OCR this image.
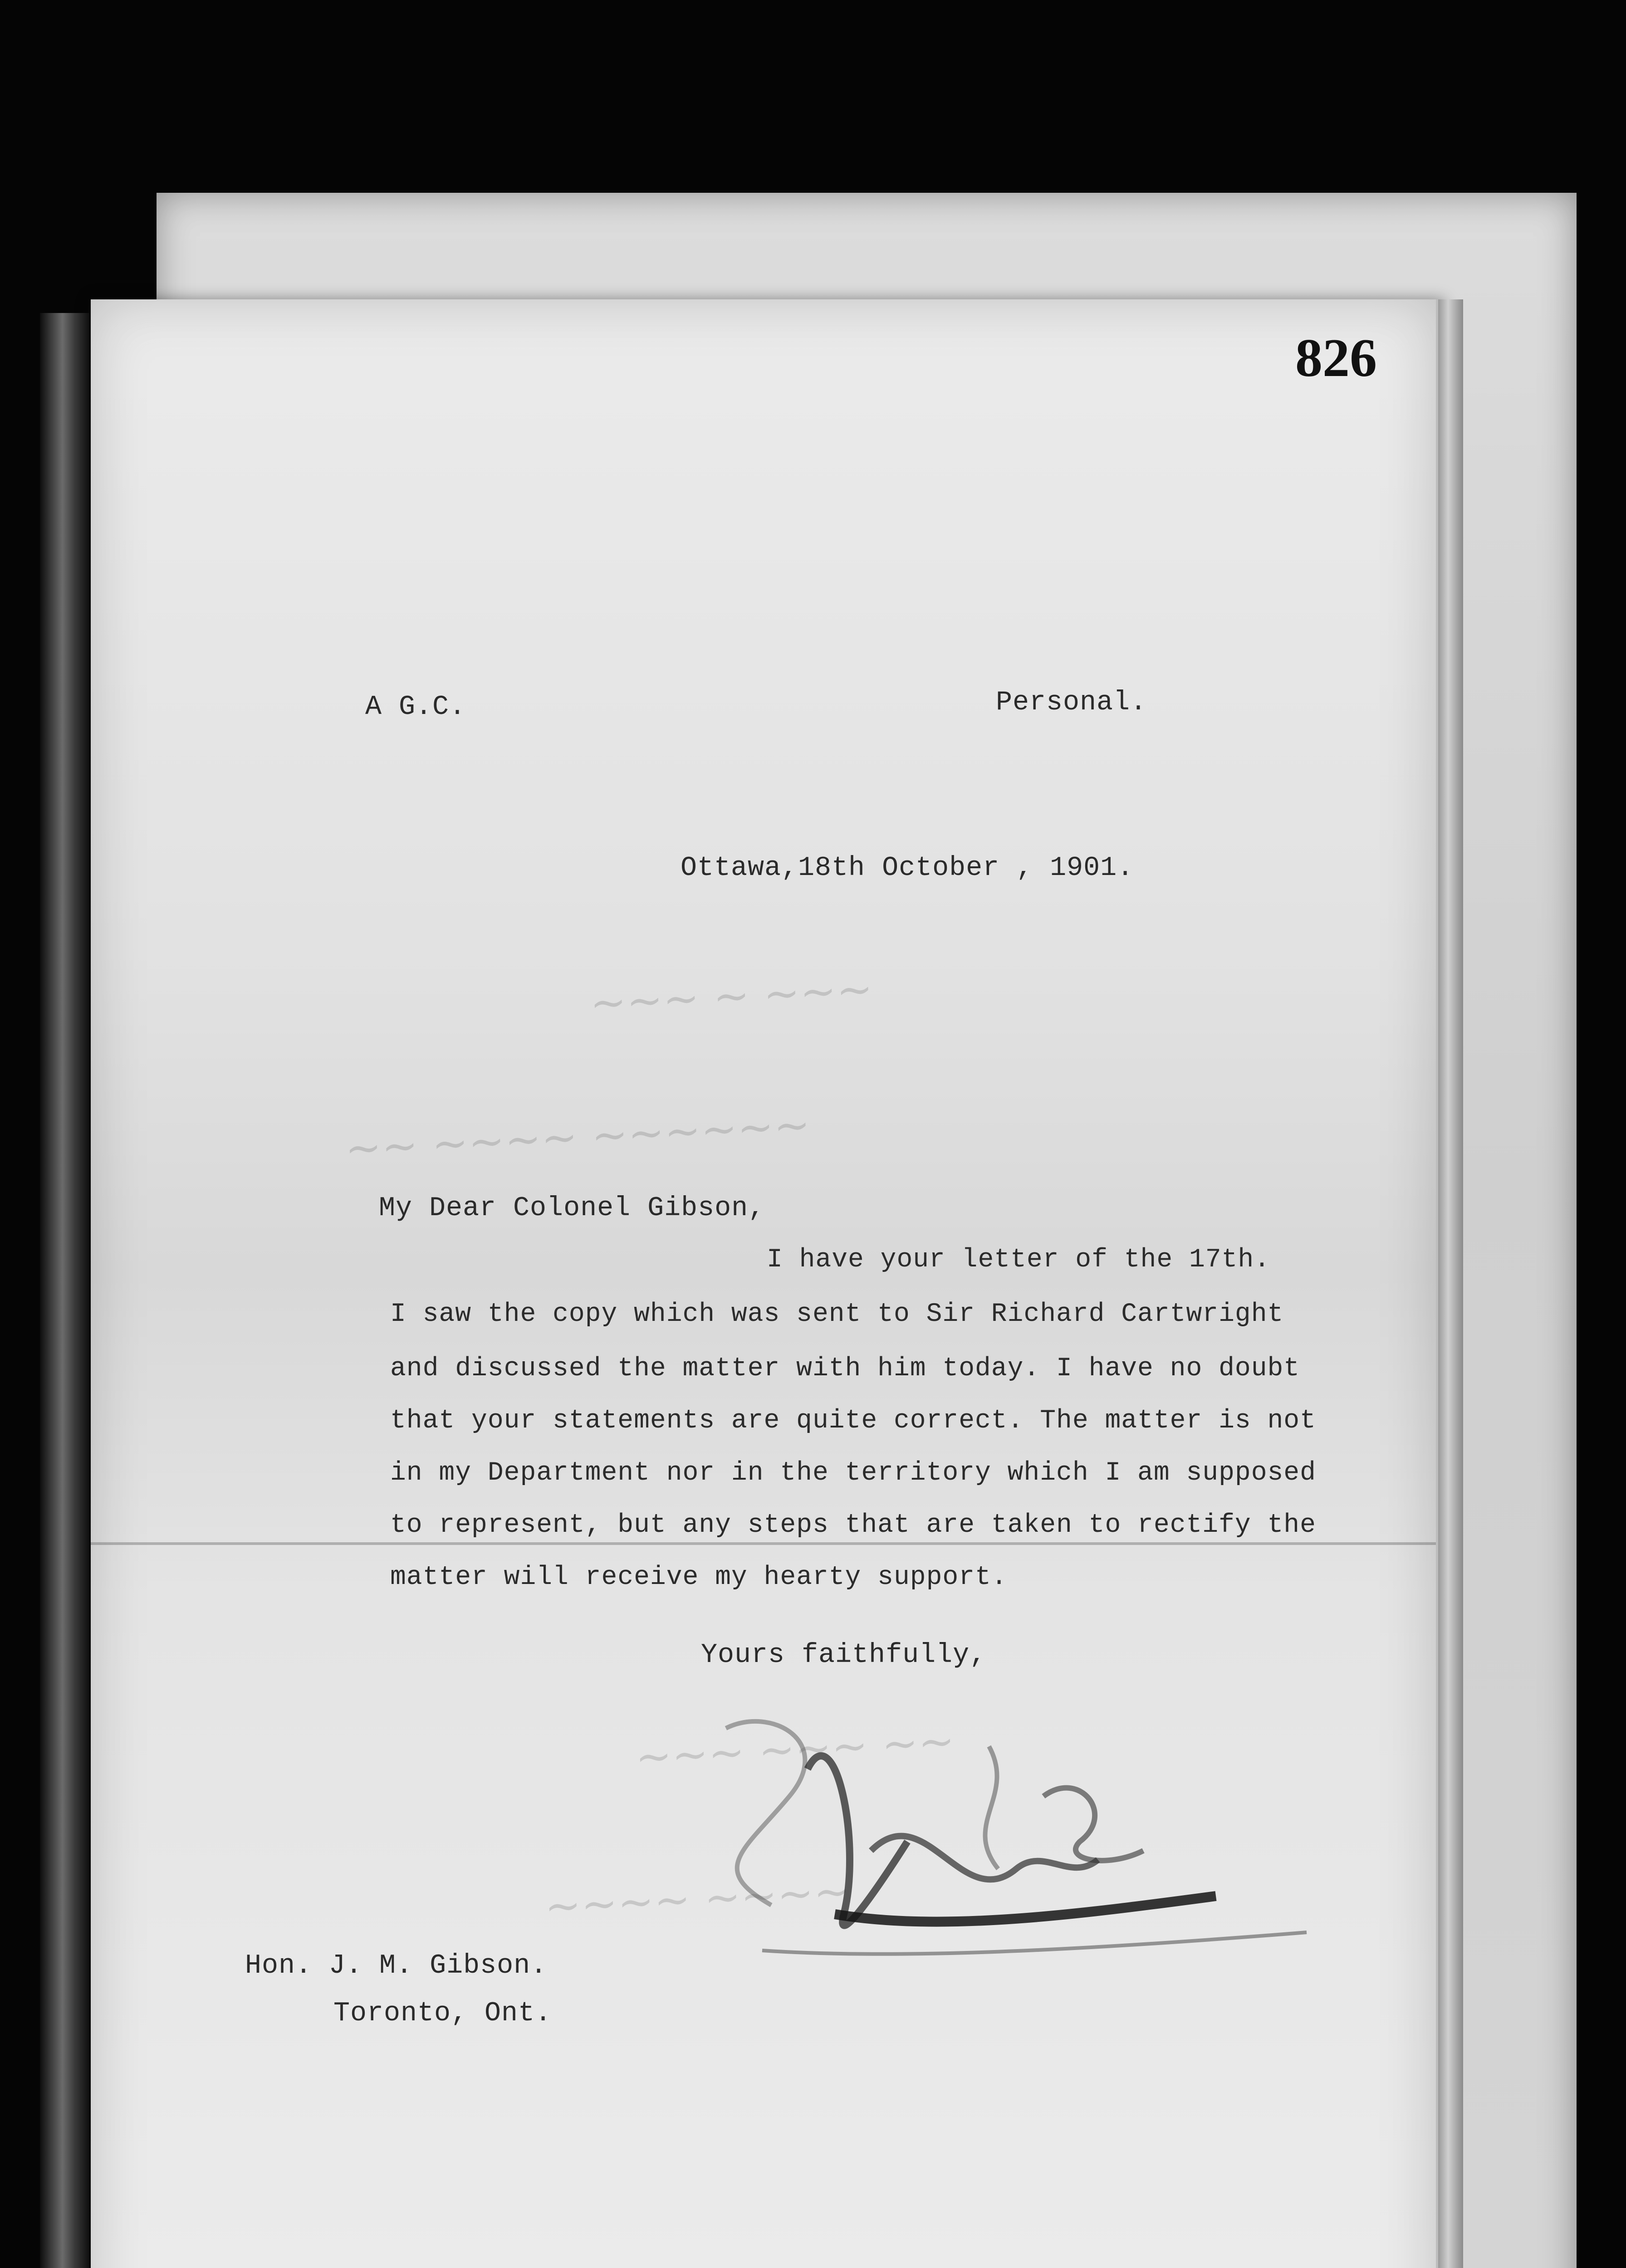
~~~ ~ ~~~
~~ ~~~~ ~~~~~~
~~~ ~~~ ~~
~~~~ ~~~~
826
A G.C.	Personal.
Ottawa,18th October , 1901.
My Dear Colonel Gibson,
I have your letter of the 17th.
I saw the copy which was sent to Sir Richard Cartwright
and discussed the matter with him today. I have no doubt
that your statements are quite correct. The matter is not
in my Department nor in the territory which I am supposed
to represent, but any steps that are taken to rectify the
matter will receive my hearty support.
Yours faithfully,
Hon. J. M. Gibson.
Toronto, Ont.
